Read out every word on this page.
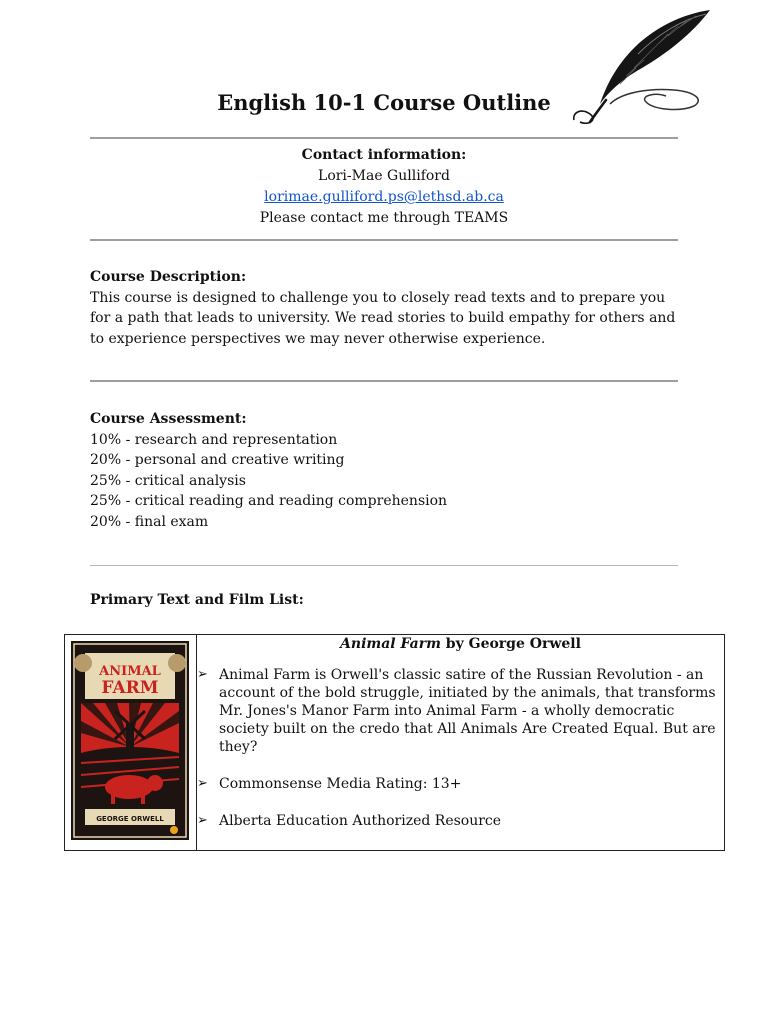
English 10-1 Course Outline
Contact information:
Lori-Mae Gulliford
lorimae.gulliford.ps@lethsd.ab.ca
Please contact me through TEAMS
Course Description:
This course is designed to challenge you to closely read texts and to prepare you
for a path that leads to university. We read stories to build empathy for others and
to experience perspectives we may never otherwise experience.
Course Assessment:
10% - research and representation
20% - personal and creative writing
25% - critical analysis
25% - critical reading and reading comprehension
20% - final exam
Primary Text and Film List:
ANIMAL
FARM
GEORGE ORWELL

Animal Farm by George Orwell
➢ Animal Farm is Orwell's classic satire of the Russian Revolution - an account of the bold struggle, initiated by the animals, that transforms Mr. Jones's Manor Farm into Animal Farm - a wholly democratic society built on the credo that All Animals Are Created Equal. But are they?
➢ Commonsense Media Rating: 13+
➢ Alberta Education Authorized Resource
